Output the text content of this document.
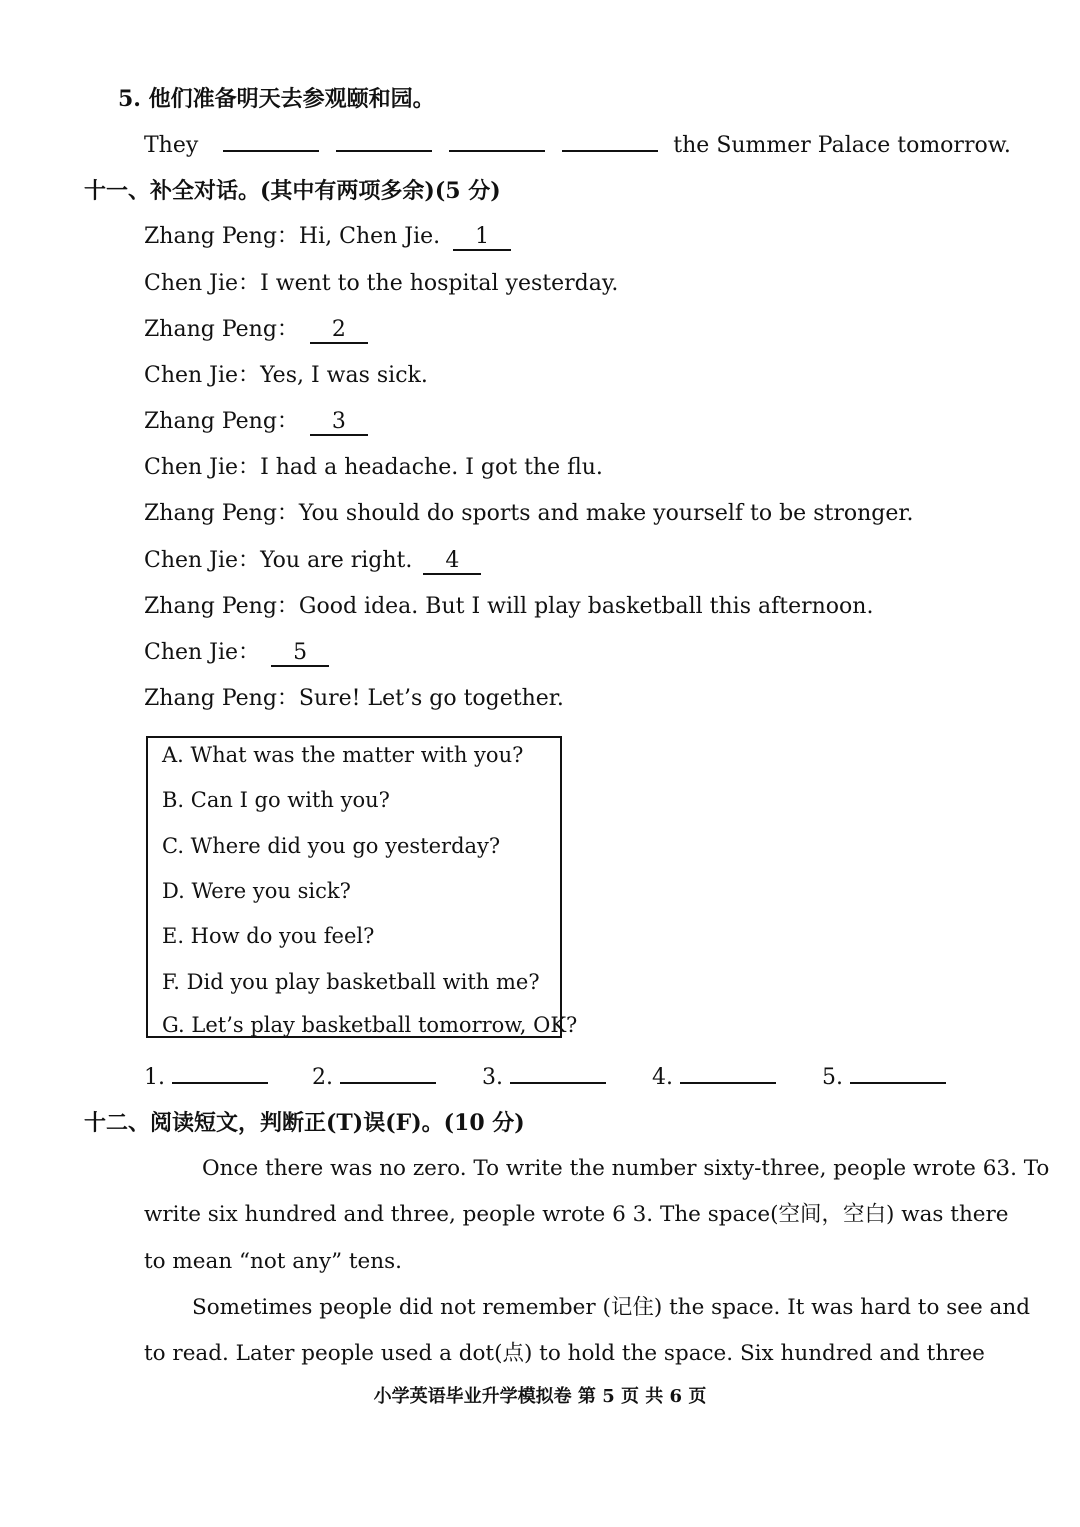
5. 他们准备明天去参观颐和园。
They	the Summer Palace tomorrow.
十一、补全对话。(其中有两项多余)(5 分)
Zhang Peng：Hi, Chen Jie. 1
Chen Jie：I went to the hospital yesterday.
Zhang Peng： 2
Chen Jie：Yes, I was sick.
Zhang Peng： 3
Chen Jie：I had a headache. I got the flu.
Zhang Peng：You should do sports and make yourself to be stronger.
Chen Jie：You are right. 4
Zhang Peng：Good idea. But I will play basketball this afternoon.
Chen Jie： 5
Zhang Peng：Sure! Let’s go together.
A. What was the matter with you?
B. Can I go with you?
C. Where did you go yesterday?
D. Were you sick?
E. How do you feel?
F. Did you play basketball with me?
G. Let’s play basketball tomorrow, OK?
1.	2.	3.	4.	5.
十二、阅读短文，判断正(T)误(F)。(10 分)
Once there was no zero. To write the number sixty-three, people wrote 63. To
write six hundred and three, people wrote 6 3. The space(空间，空白) was there
to mean “not any” tens.
Sometimes people did not remember (记住) the space. It was hard to see and
to read. Later people used a dot(点) to hold the space. Six hundred and three
小学英语毕业升学模拟卷 第 5 页 共 6 页
